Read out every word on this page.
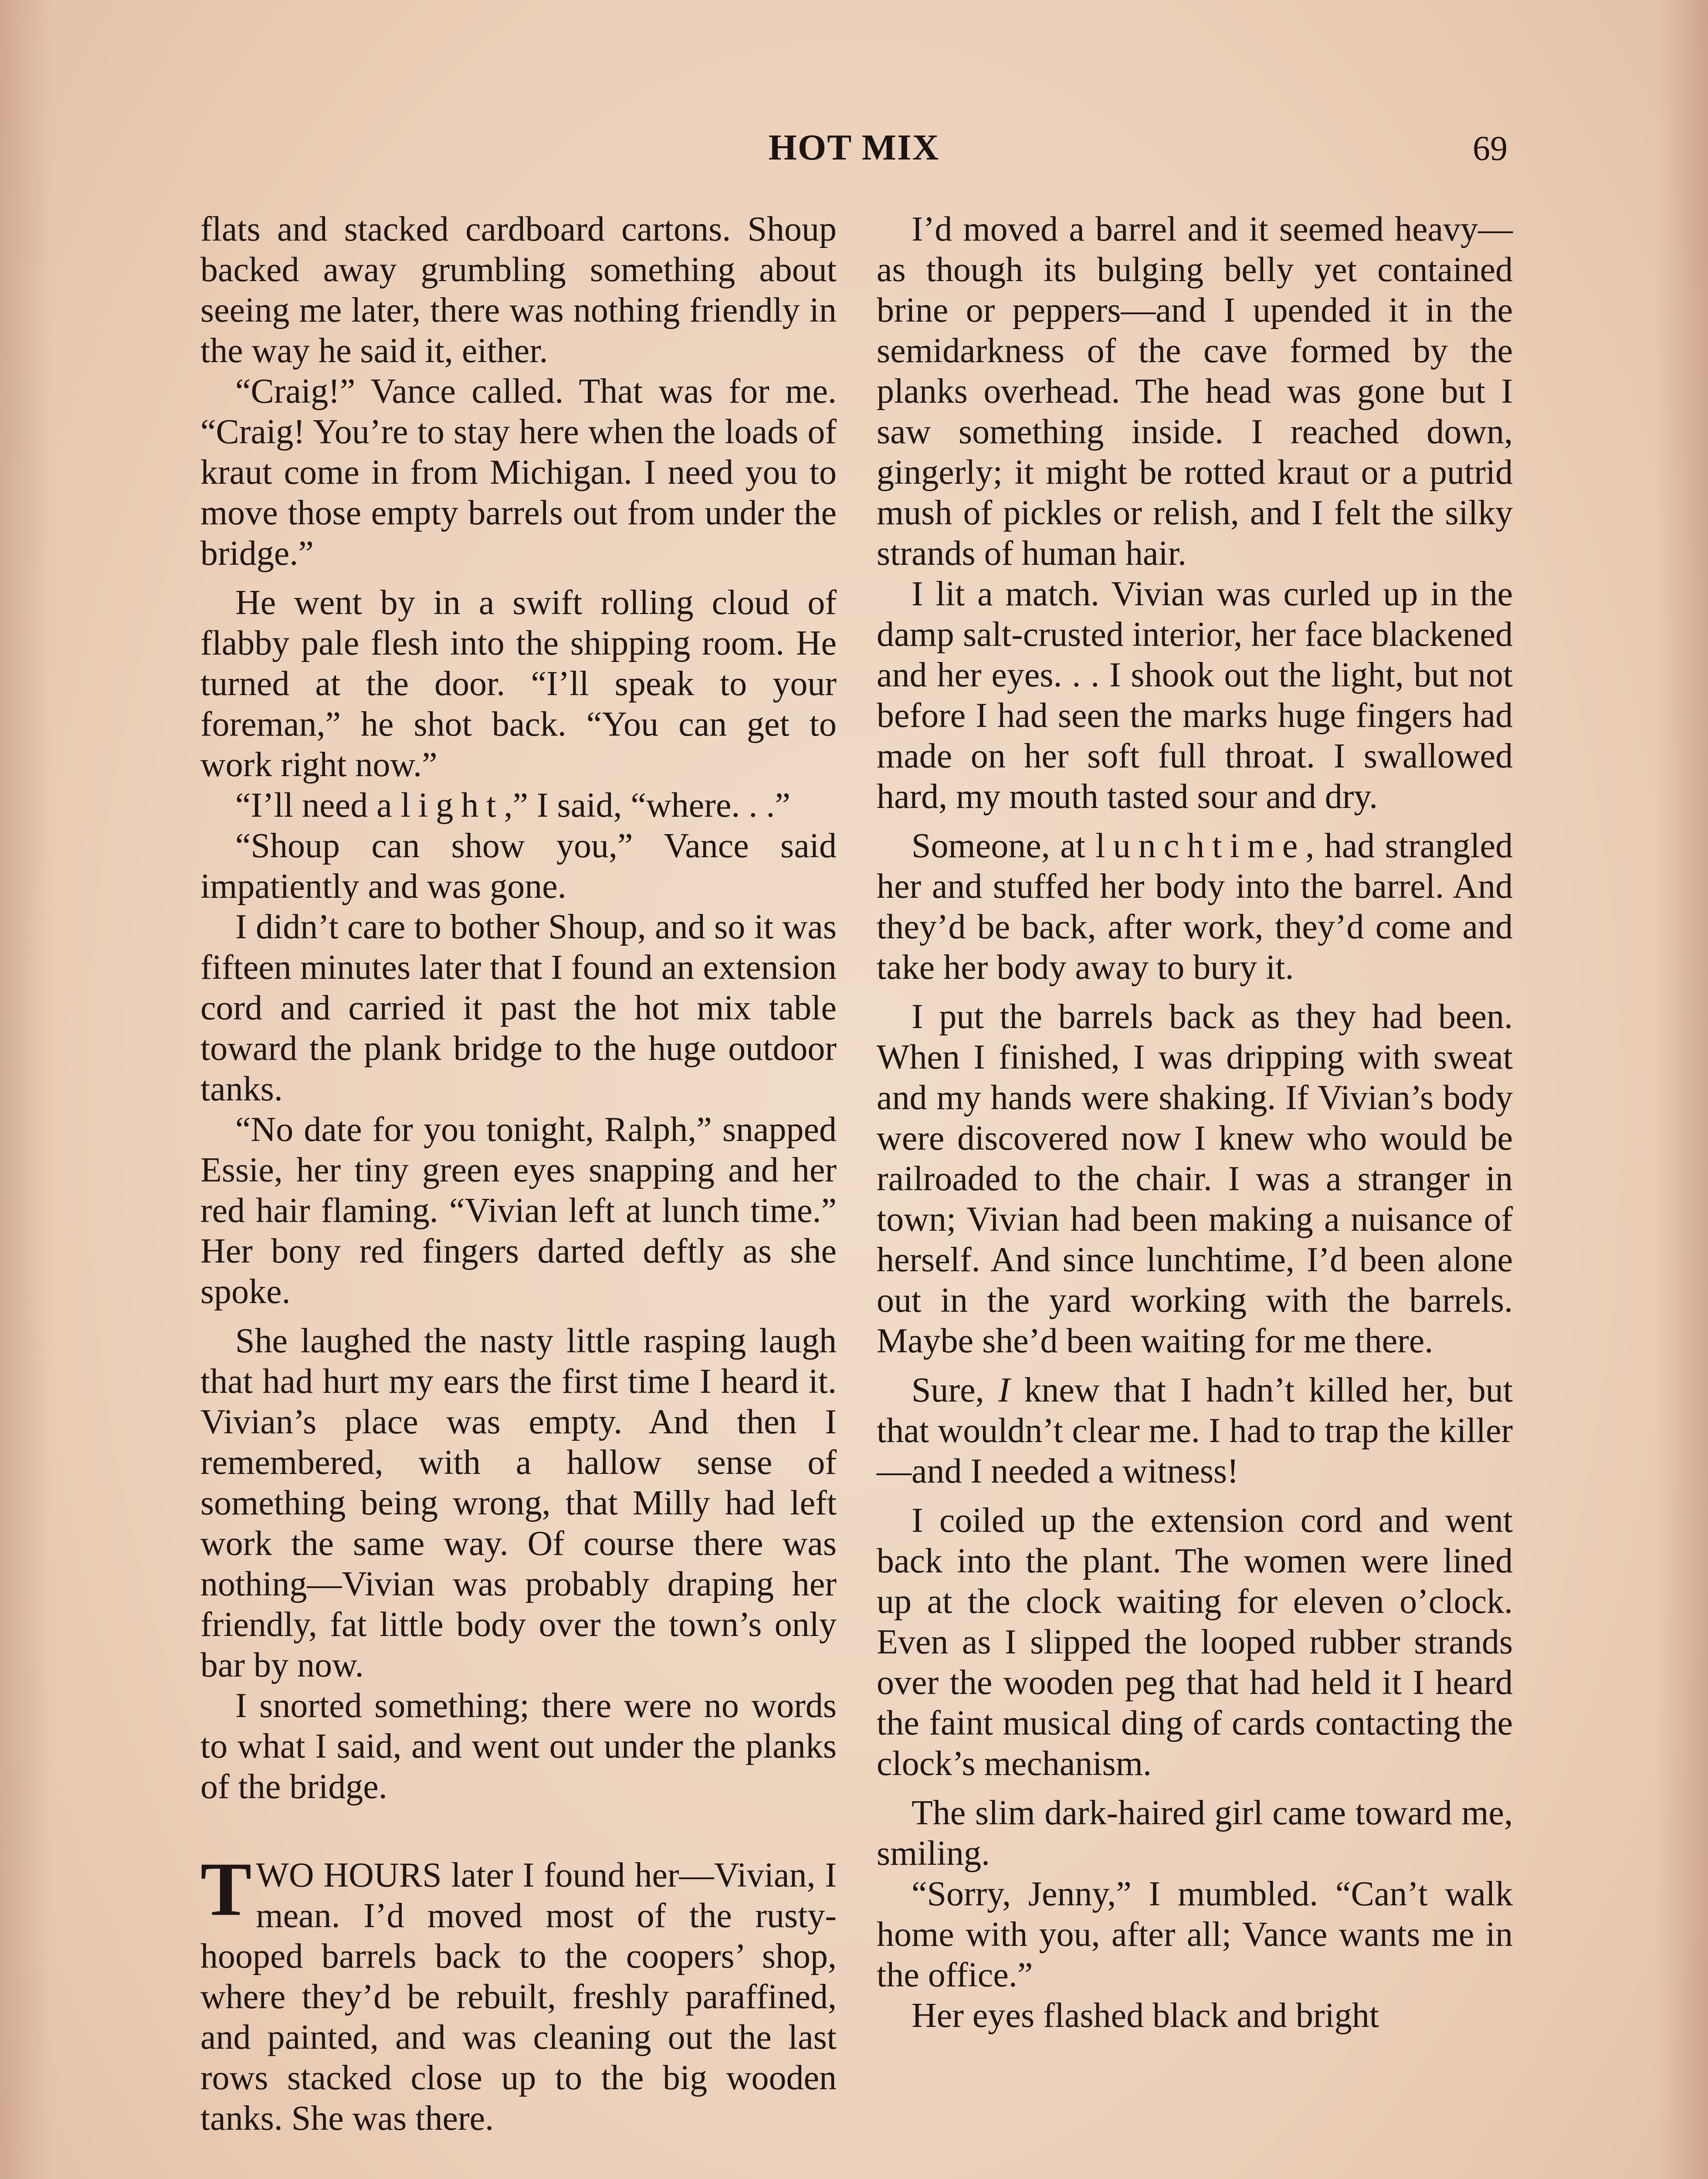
HOT MIX	69

flats and stacked cardboard cartons. Shoup backed away grumbling something about seeing me later, there was nothing friendly in the way he said it, either.

“Craig!” Vance called. That was for me. “Craig! You’re to stay here when the loads of kraut come in from Michigan. I need you to move those empty barrels out from under the bridge.”

He went by in a swift rolling cloud of flabby pale flesh into the shipping room. He turned at the door. “I’ll speak to your foreman,” he shot back. “You can get to work right now.”

“I’ll need a light,” I said, “where. . .”

“Shoup can show you,” Vance said impatiently and was gone.

I didn’t care to bother Shoup, and so it was fifteen minutes later that I found an extension cord and carried it past the hot mix table toward the plank bridge to the huge outdoor tanks.

“No date for you tonight, Ralph,” snapped Essie, her tiny green eyes snapping and her red hair flaming. “Vivian left at lunch time.” Her bony red fingers darted deftly as she spoke.

She laughed the nasty little rasping laugh that had hurt my ears the first time I heard it. Vivian’s place was empty. And then I remembered, with a hallow sense of something being wrong, that Milly had left work the same way. Of course there was nothing—Vivian was probably draping her friendly, fat little body over the town’s only bar by now.

I snorted something; there were no words to what I said, and went out under the planks of the bridge.

TWO HOURS later I found her—Vivian, I mean. I’d moved most of the rusty-hooped barrels back to the coopers’ shop, where they’d be rebuilt, freshly paraffined, and painted, and was cleaning out the last rows stacked close up to the big wooden tanks. She was there.

I’d moved a barrel and it seemed heavy—as though its bulging belly yet contained brine or peppers—and I upended it in the semidarkness of the cave formed by the planks overhead. The head was gone but I saw something inside. I reached down, gingerly; it might be rotted kraut or a putrid mush of pickles or relish, and I felt the silky strands of human hair.

I lit a match. Vivian was curled up in the damp salt-crusted interior, her face blackened and her eyes. . . I shook out the light, but not before I had seen the marks huge fingers had made on her soft full throat. I swallowed hard, my mouth tasted sour and dry.

Someone, at lunchtime, had strangled her and stuffed her body into the barrel. And they’d be back, after work, they’d come and take her body away to bury it.

I put the barrels back as they had been. When I finished, I was dripping with sweat and my hands were shaking. If Vivian’s body were discovered now I knew who would be railroaded to the chair. I was a stranger in town; Vivian had been making a nuisance of herself. And since lunchtime, I’d been alone out in the yard working with the barrels. Maybe she’d been waiting for me there.

Sure, I knew that I hadn’t killed her, but that wouldn’t clear me. I had to trap the killer—and I needed a witness!

I coiled up the extension cord and went back into the plant. The women were lined up at the clock waiting for eleven o’clock. Even as I slipped the looped rubber strands over the wooden peg that had held it I heard the faint musical ding of cards contacting the clock’s mechanism.

The slim dark-haired girl came toward me, smiling.

“Sorry, Jenny,” I mumbled. “Can’t walk home with you, after all; Vance wants me in the office.”

Her eyes flashed black and bright
